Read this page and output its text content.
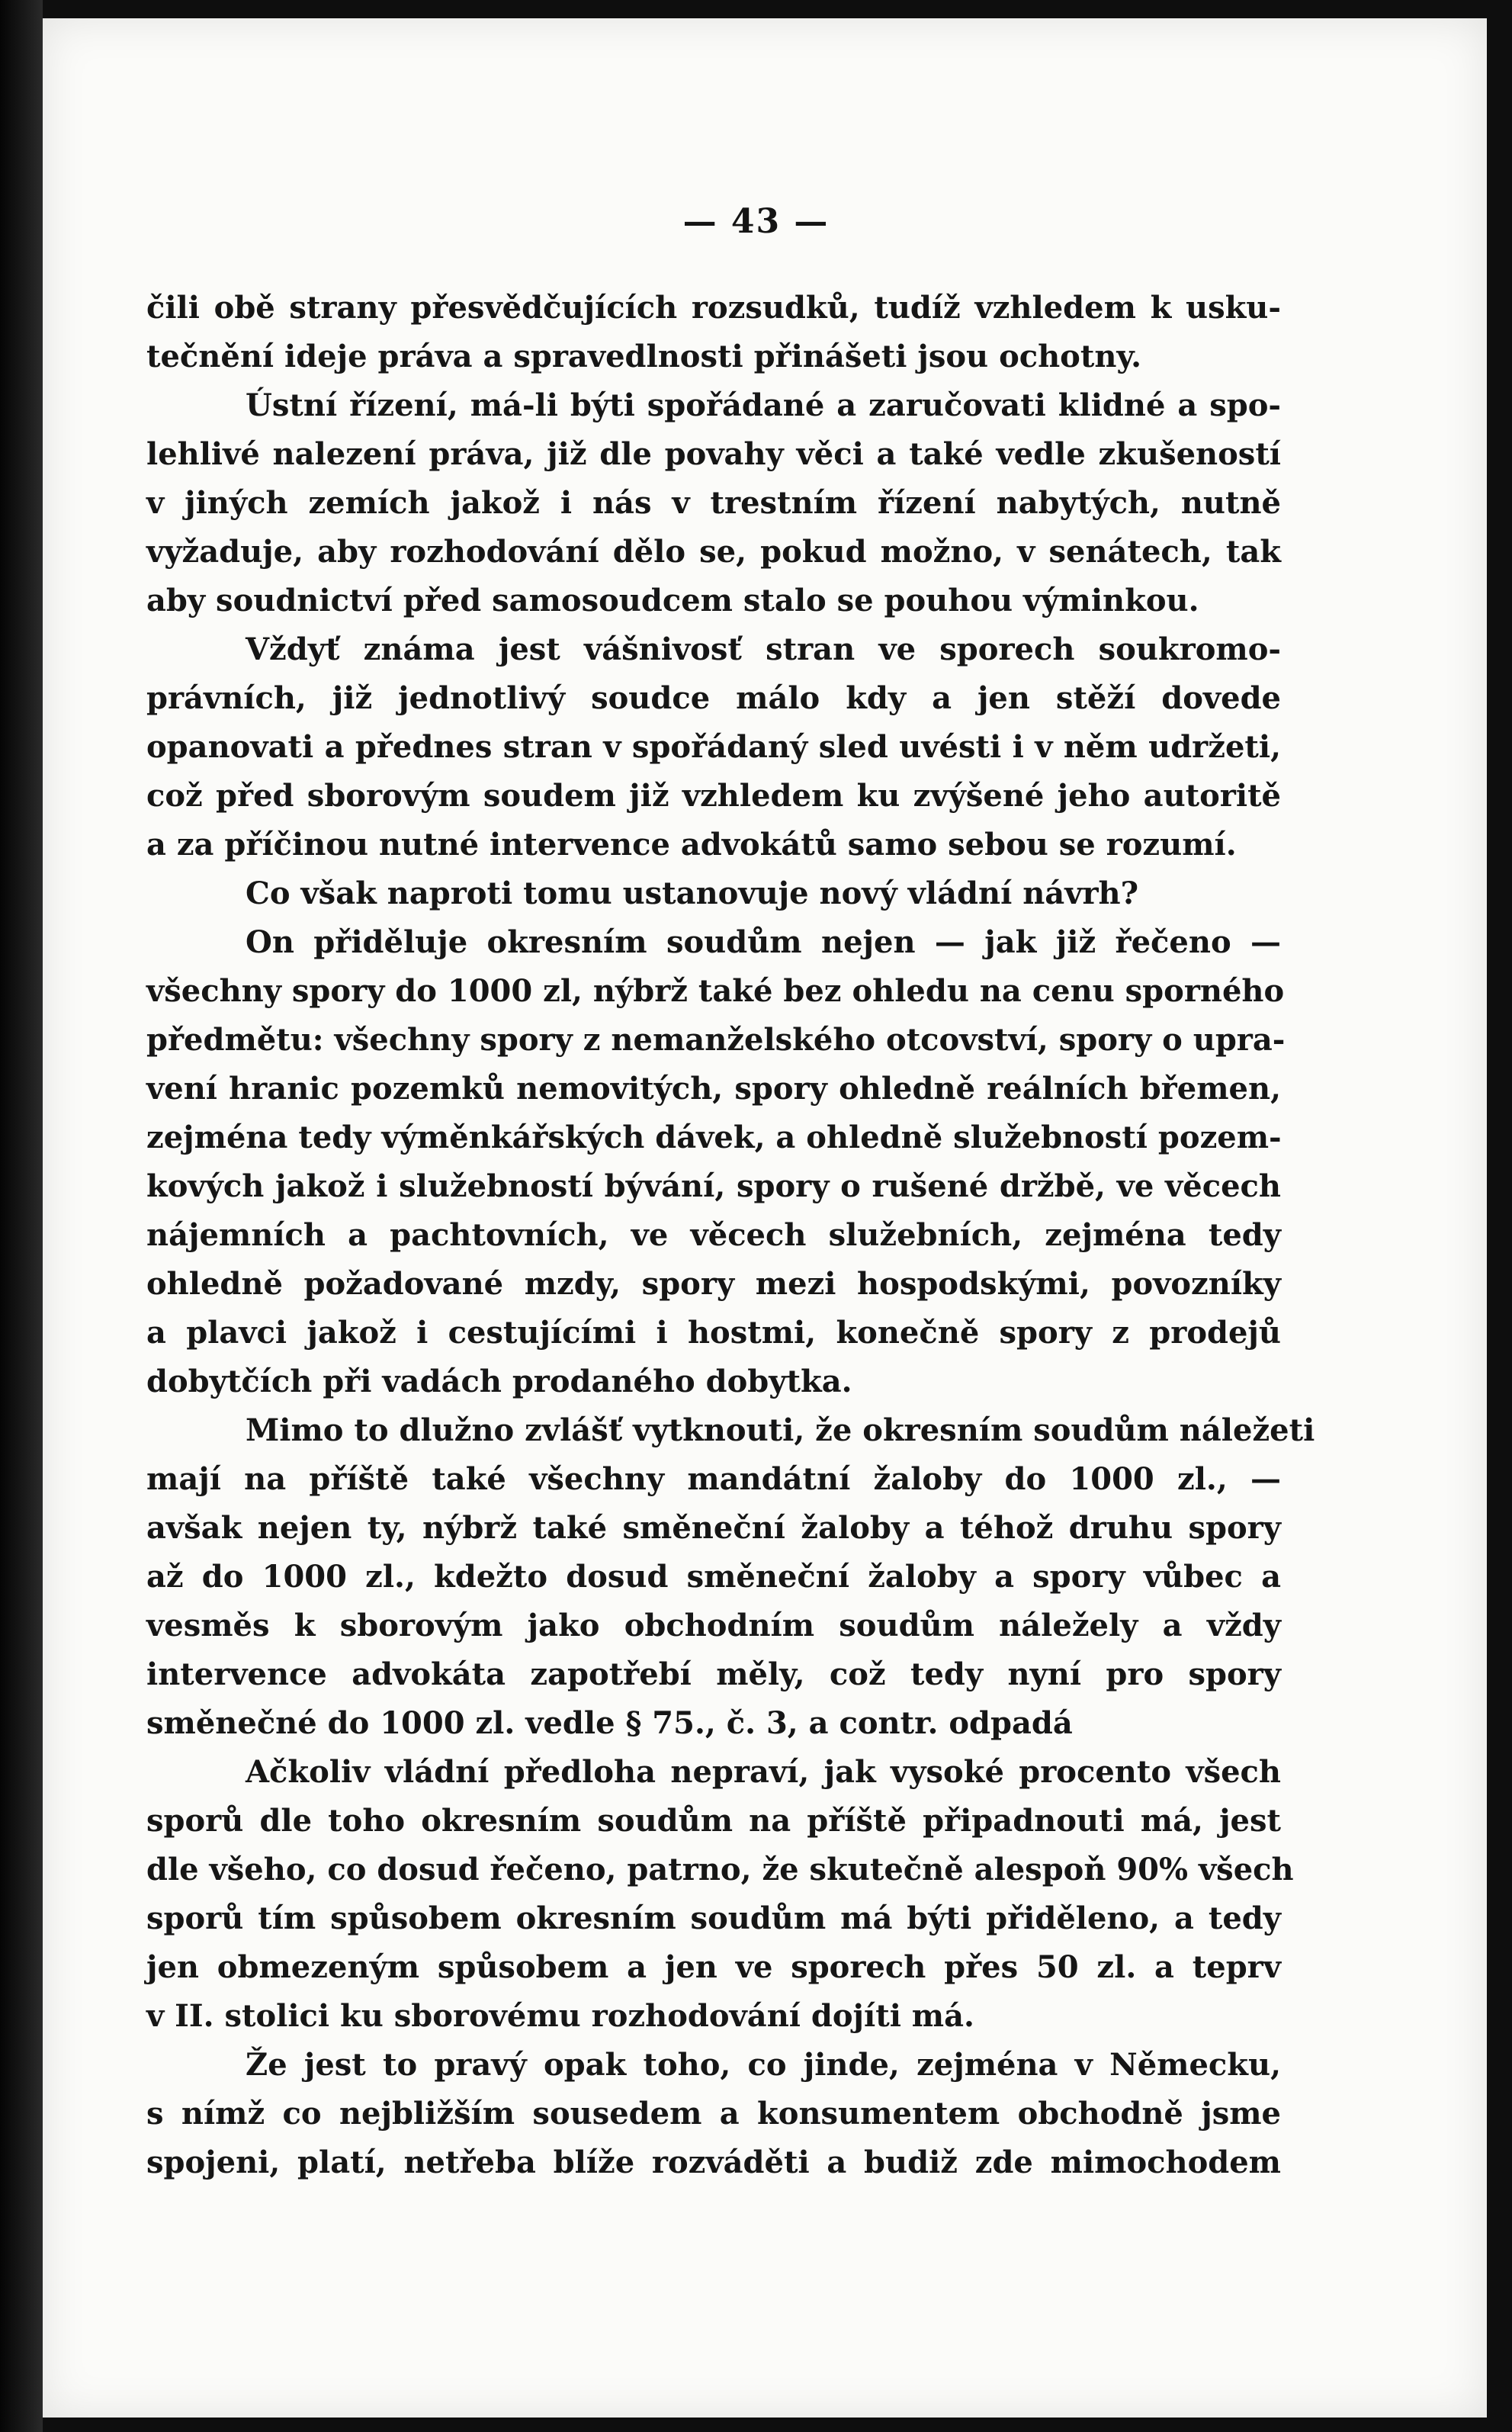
— 43 —
čili obě strany přesvědčujících rozsudků, tudíž vzhledem k usku-
tečnění ideje práva a spravedlnosti přinášeti jsou ochotny.
Ústní řízení, má-li býti spořádané a zaručovati klidné a spo-
lehlivé nalezení práva, již dle povahy věci a také vedle zkušeností
v jiných zemích jakož i nás v trestním řízení nabytých, nutně
vyžaduje, aby rozhodování dělo se, pokud možno, v senátech, tak
aby soudnictví před samosoudcem stalo se pouhou výminkou.
Vždyť známa jest vášnivosť stran ve sporech soukromo-
právních, již jednotlivý soudce málo kdy a jen stěží dovede
opanovati a přednes stran v spořádaný sled uvésti i v něm udržeti,
což před sborovým soudem již vzhledem ku zvýšené jeho autoritě
a za příčinou nutné intervence advokátů samo sebou se rozumí.
Co však naproti tomu ustanovuje nový vládní návrh?
On přiděluje okresním soudům nejen — jak již řečeno —
všechny spory do 1000 zl, nýbrž také bez ohledu na cenu sporného
předmětu: všechny spory z nemanželského otcovství, spory o upra-
vení hranic pozemků nemovitých, spory ohledně reálních břemen,
zejména tedy výměnkářských dávek, a ohledně služebností pozem-
kových jakož i služebností bývání, spory o rušené držbě, ve věcech
nájemních a pachtovních, ve věcech služebních, zejména tedy
ohledně požadované mzdy, spory mezi hospodskými, povozníky
a plavci jakož i cestujícími i hostmi, konečně spory z prodejů
dobytčích při vadách prodaného dobytka.
Mimo to dlužno zvlášť vytknouti, že okresním soudům náležeti
mají na příště také všechny mandátní žaloby do 1000 zl., —
avšak nejen ty, nýbrž také směneční žaloby a téhož druhu spory
až do 1000 zl., kdežto dosud směneční žaloby a spory vůbec a
vesměs k sborovým jako obchodním soudům náležely a vždy
intervence advokáta zapotřebí měly, což tedy nyní pro spory
směnečné do 1000 zl. vedle § 75., č. 3, a contr. odpadá
Ačkoliv vládní předloha nepraví, jak vysoké procento všech
sporů dle toho okresním soudům na příště připadnouti má, jest
dle všeho, co dosud řečeno, patrno, že skutečně alespoň 90% všech
sporů tím spůsobem okresním soudům má býti přiděleno, a tedy
jen obmezeným spůsobem a jen ve sporech přes 50 zl. a teprv
v II. stolici ku sborovému rozhodování dojíti má.
Že jest to pravý opak toho, co jinde, zejména v Německu,
s nímž co nejbližším sousedem a konsumentem obchodně jsme
spojeni, platí, netřeba blíže rozváděti a budiž zde mimochodem
